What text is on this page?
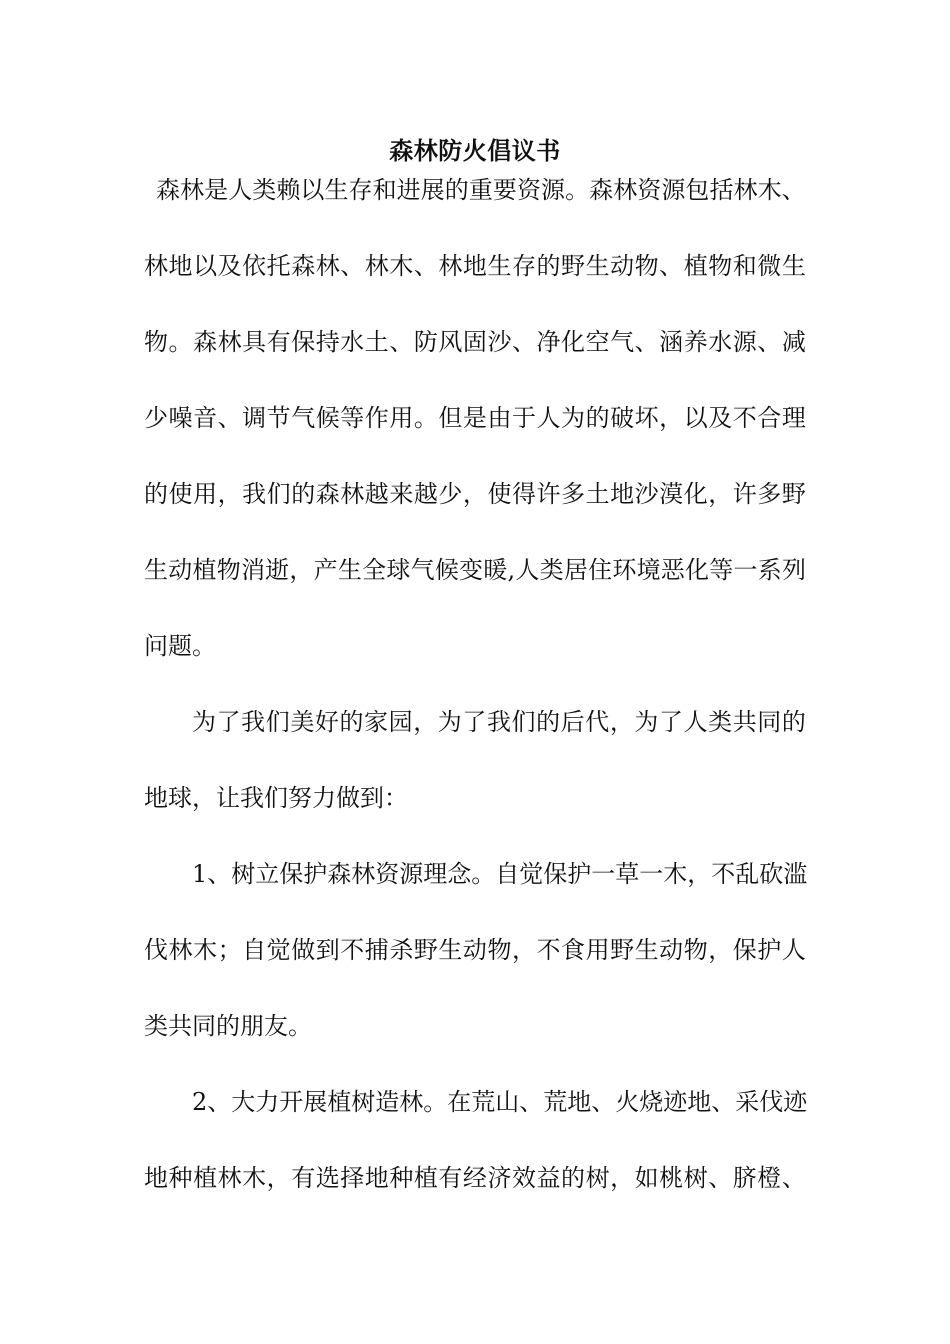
森林防火倡议书
森 林 是 人 类 赖 以 生 存 和 进 展 的 重 要 资 源 。 森 林 资 源 包 括 林 木 、
林 地 以 及 依 托 森 林 、 林 木 、 林 地 生 存 的 野 生 动 物 、 植 物 和 微 生
物 。 森 林 具 有 保 持 水 土 、 防 风 固 沙 、 净 化 空 气 、 涵 养 水 源 、 减
少 噪 音 、 调 节 气 候 等 作 用 。 但 是 由 于 人 为 的 破 坏 ， 以 及 不 合 理
的 使 用 ， 我 们 的 森 林 越 来 越 少 ， 使 得 许 多 土 地 沙 漠 化 ， 许 多 野
生 动 植 物 消 逝 ， 产 生 全 球 气 候 变 暖 , 人 类 居 住 环 境 恶 化 等 一 系 列
问题。
为 了 我 们 美 好 的 家 园 ， 为 了 我 们 的 后 代 ， 为 了 人 类 共 同 的
地球，让我们努力做到：
1 、 树 立 保 护 森 林 资 源 理 念 。 自 觉 保 护 一 草 一 木 ， 不 乱 砍 滥
伐 林 木 ； 自 觉 做 到 不 捕 杀 野 生 动 物 ， 不 食 用 野 生 动 物 ， 保 护 人
类共同的朋友。
2 、 大 力 开 展 植 树 造 林 。 在 荒 山 、 荒 地 、 火 烧 迹 地 、 采 伐 迹
地 种 植 林 木 ， 有 选 择 地 种 植 有 经 济 效 益 的 树 ， 如 桃 树 、 脐 橙 、
